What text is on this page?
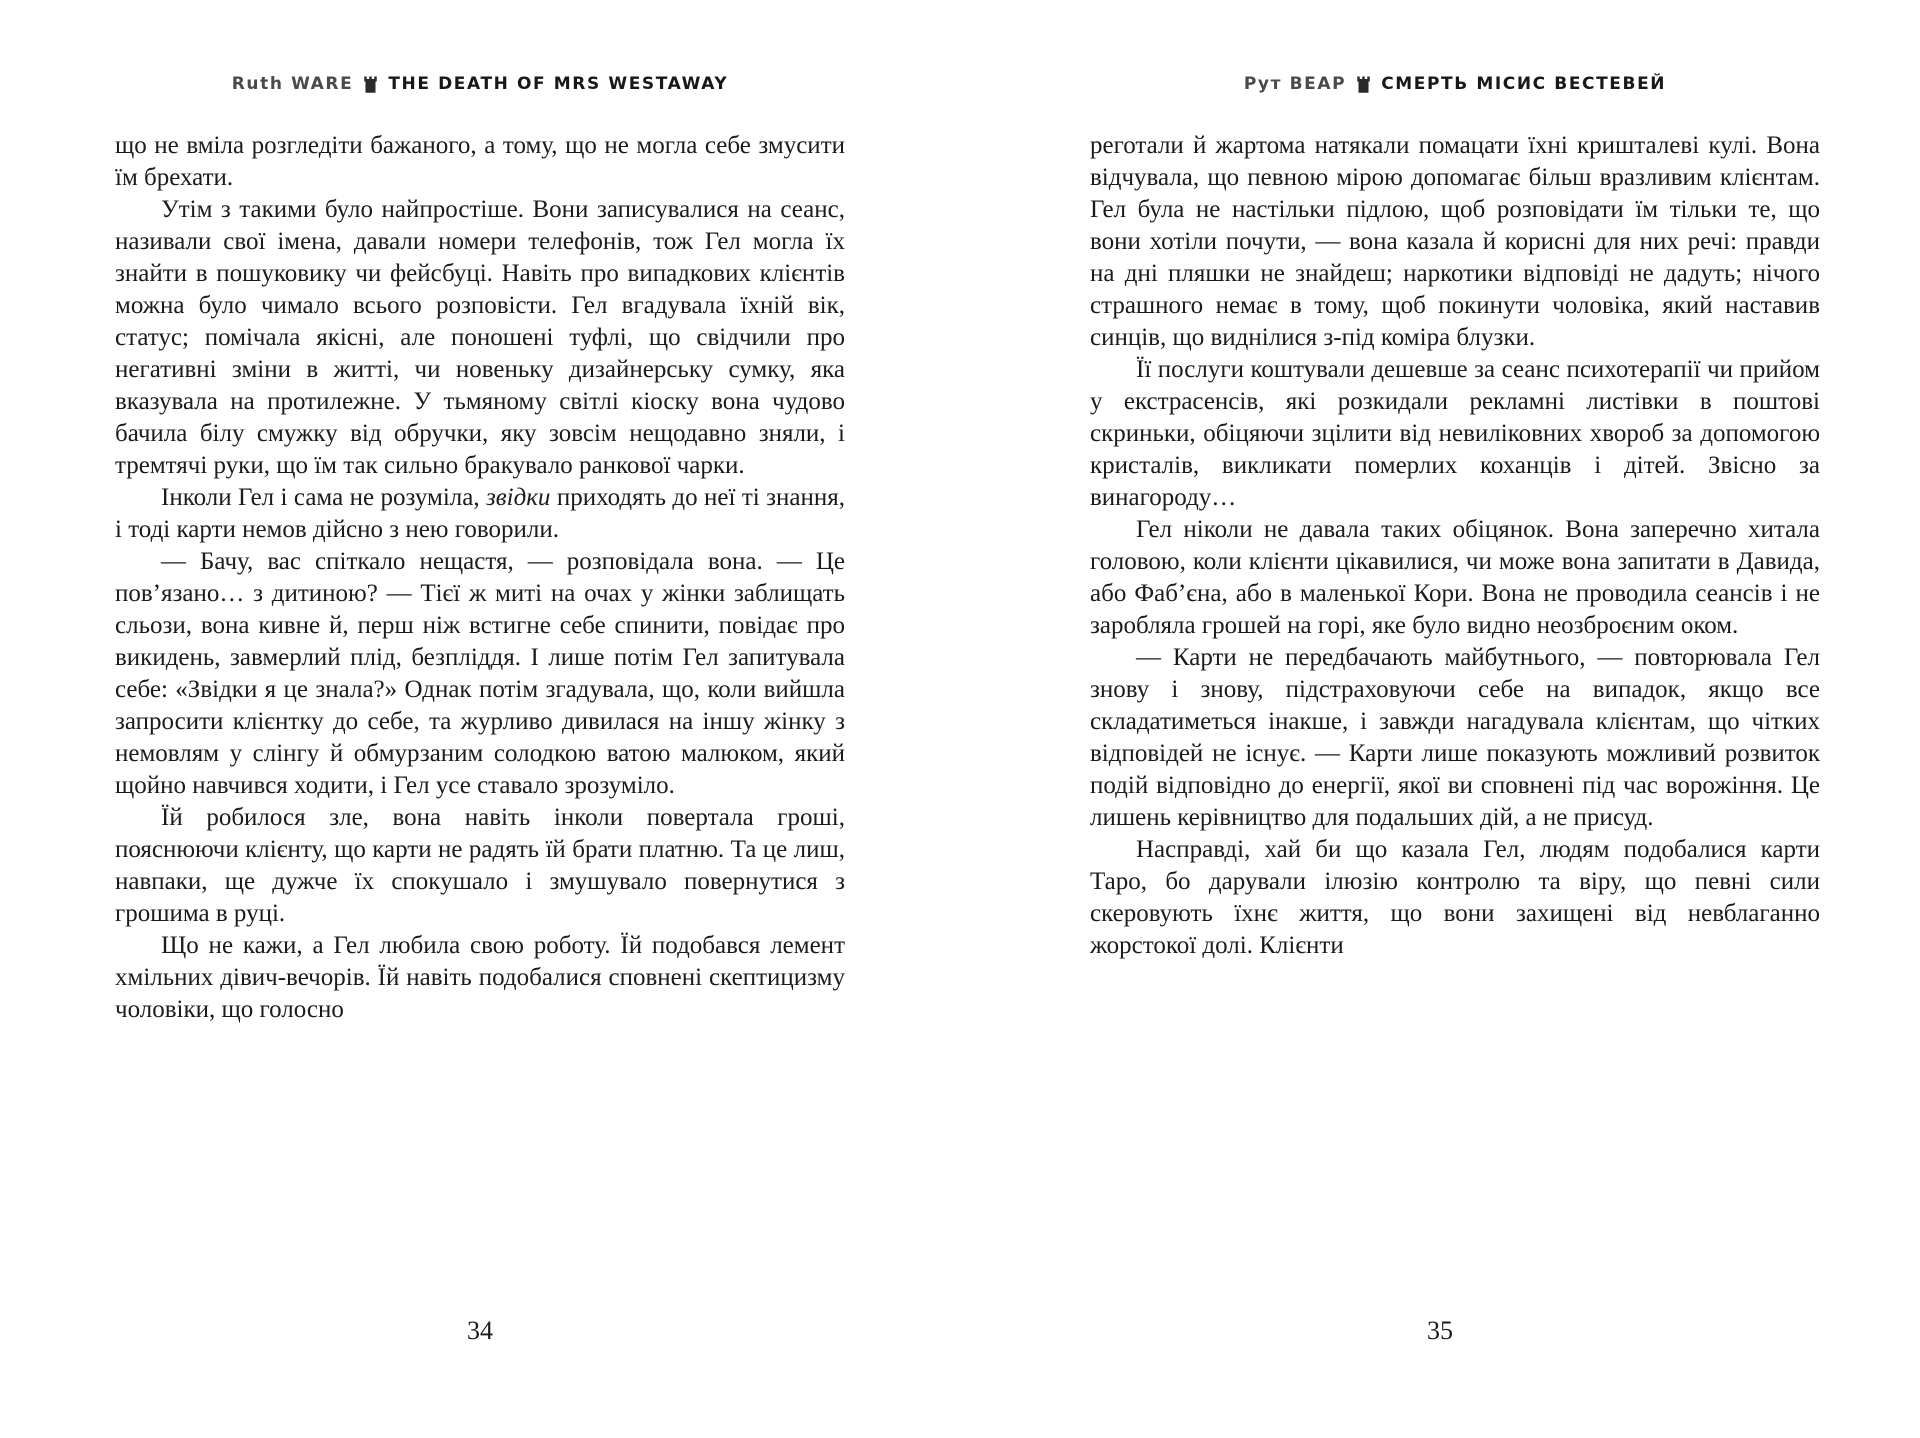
Ruth WARE THE DEATH OF MRS WESTAWAY

що не вміла розгледіти бажаного, а тому, що не могла себе змусити їм брехати.

Утім з такими було найпростіше. Вони записувалися на сеанс, називали свої імена, давали номери телефонів, тож Гел могла їх знайти в пошуковику чи фейсбуці. Навіть про випадкових клієнтів можна було чимало всього розповісти. Гел вгадувала їхній вік, статус; помічала якісні, але поношені туфлі, що свідчили про негативні зміни в житті, чи новеньку дизайнерську сумку, яка вказувала на протилежне. У тьмяному світлі кіоску вона чудово бачила білу смужку від обручки, яку зовсім нещодавно зняли, і тремтячі руки, що їм так сильно бракувало ранкової чарки.

Інколи Гел і сама не розуміла, звідки приходять до неї ті знання, і тоді карти немов дійсно з нею говорили.

— Бачу, вас спіткало нещастя, — розповідала вона. — Це пов’язано… з дитиною? — Тієї ж миті на очах у жінки заблищать сльози, вона кивне й, перш ніж встигне себе спинити, повідає про викидень, завмерлий плід, безпліддя. І лише потім Гел запитувала себе: «Звідки я це знала?» Однак потім згадувала, що, коли вийшла запросити клієнтку до себе, та журливо дивилася на іншу жінку з немовлям у слінгу й обмурзаним солодкою ватою малюком, який щойно навчився ходити, і Гел усе ставало зрозуміло.

Їй робилося зле, вона навіть інколи повертала гроші, пояснюючи клієнту, що карти не радять їй брати платню. Та це лиш, навпаки, ще дужче їх спокушало і змушувало повернутися з грошима в руці.

Що не кажи, а Гел любила свою роботу. Їй подобався лемент хмільних дівич-вечорів. Їй навіть подобалися сповнені скептицизму чоловіки, що голосно

34
Рут ВЕАР СМЕРТЬ МІСИС ВЕСТЕВЕЙ

реготали й жартома натякали помацати їхні кришталеві кулі. Вона відчувала, що певною мірою допомагає більш вразливим клієнтам. Гел була не настільки підлою, щоб розповідати їм тільки те, що вони хотіли почути, — вона казала й корисні для них речі: правди на дні пляшки не знайдеш; наркотики відповіді не дадуть; нічого страшного немає в тому, щоб покинути чоловіка, який наставив синців, що виднілися з-під коміра блузки.

Її послуги коштували дешевше за сеанс психотерапії чи прийом у екстрасенсів, які розкидали рекламні листівки в поштові скриньки, обіцяючи зцілити від невиліковних хвороб за допомогою кристалів, викликати померлих коханців і дітей. Звісно за винагороду…

Гел ніколи не давала таких обіцянок. Вона заперечно хитала головою, коли клієнти цікавилися, чи може вона запитати в Давида, або Фаб’єна, або в маленької Кори. Вона не проводила сеансів і не заробляла грошей на горі, яке було видно неозброєним оком.

— Карти не передбачають майбутнього, — повторювала Гел знову і знову, підстраховуючи себе на випадок, якщо все складатиметься інакше, і завжди нагадувала клієнтам, що чітких відповідей не існує. — Карти лише показують можливий розвиток подій відповідно до енергії, якої ви сповнені під час ворожіння. Це лишень керівництво для подальших дій, а не присуд.

Насправді, хай би що казала Гел, людям подобалися карти Таро, бо дарували ілюзію контролю та віру, що певні сили скеровують їхнє життя, що вони захищені від невблаганно жорстокої долі. Клієнти

35
